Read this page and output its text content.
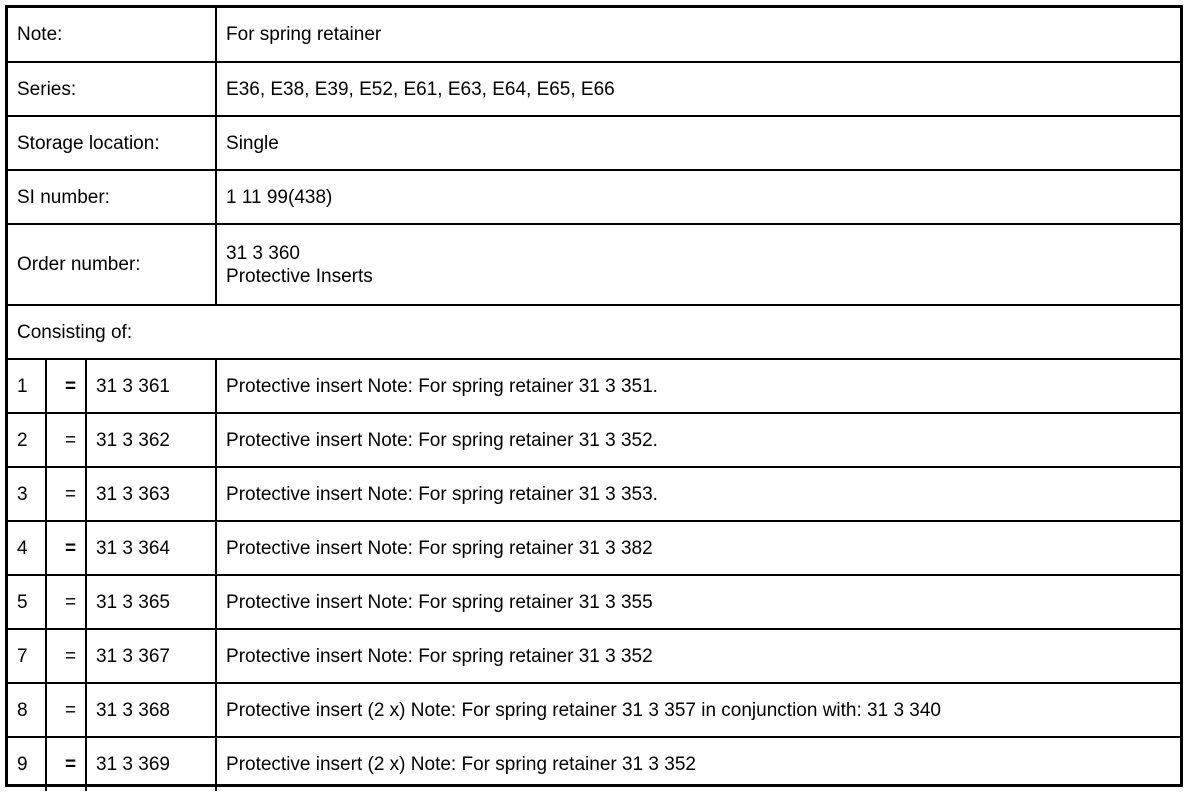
Note:			For spring retainer
Series:			E36, E38, E39, E52, E61, E63, E64, E65, E66
Storage location:			Single
SI number:			1 11 99(438)
Order number:			31 3 360
Protective Inserts

Consisting of:			
1	=	31 3 361	Protective insert Note: For spring retainer 31 3 351.
2	=	31 3 362	Protective insert Note: For spring retainer 31 3 352.
3	=	31 3 363	Protective insert Note: For spring retainer 31 3 353.
4	=	31 3 364	Protective insert Note: For spring retainer 31 3 382
5	=	31 3 365	Protective insert Note: For spring retainer 31 3 355
7	=	31 3 367	Protective insert Note: For spring retainer 31 3 352
8	=	31 3 368	Protective insert (2 x) Note: For spring retainer 31 3 357 in conjunction with: 31 3 340
9	=	31 3 369	Protective insert (2 x) Note: For spring retainer 31 3 352
